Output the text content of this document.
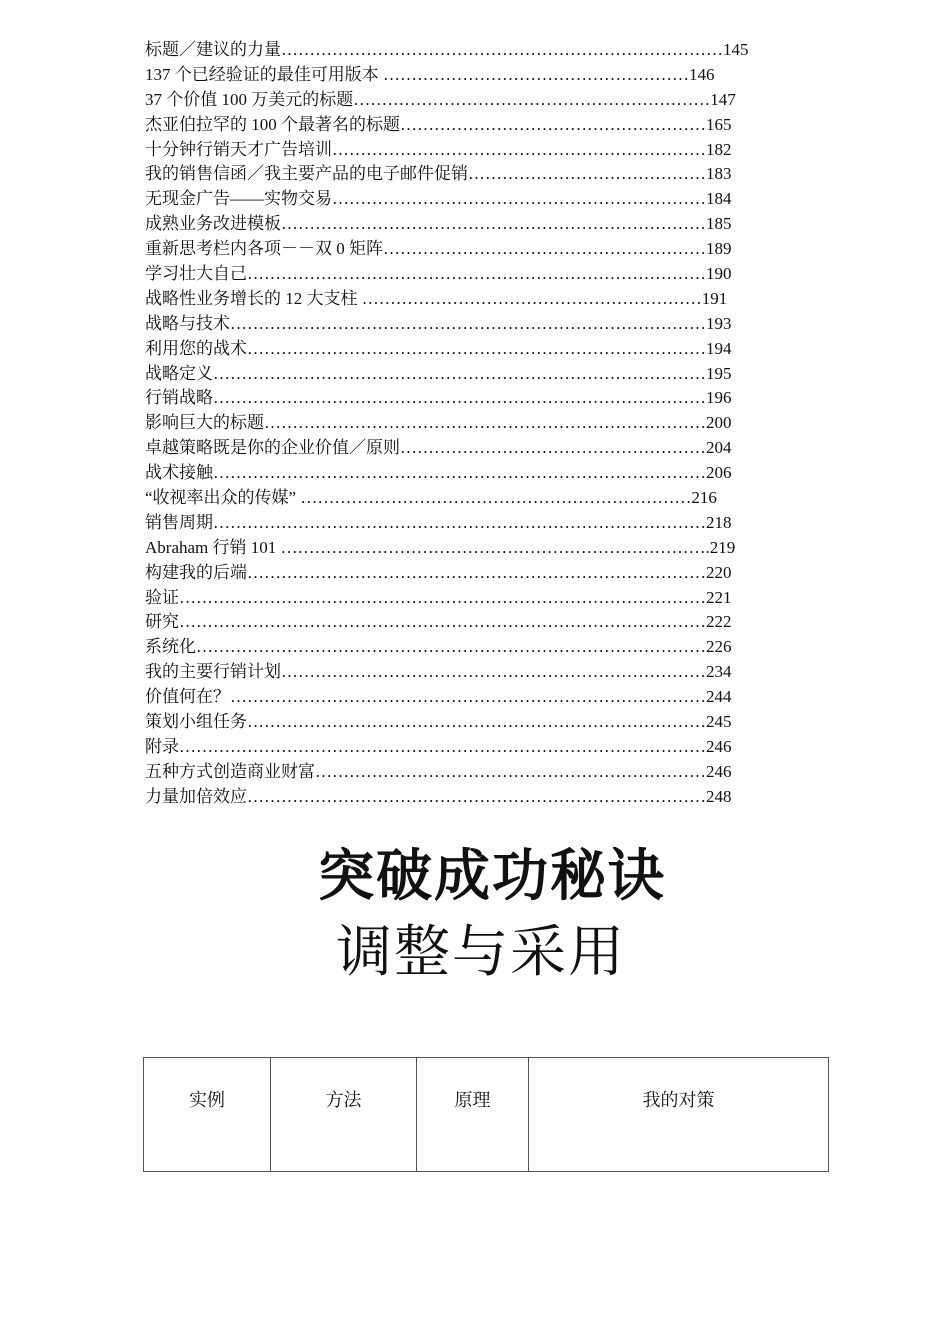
标题／建议的力量……………………………………………………………………145
137 个已经验证的最佳可用版本 ………………………………………………146
37 个价值 100 万美元的标题………………………………………………………147
杰亚伯拉罕的 100 个最著名的标题………………………………………………165
十分钟行销天才广告培训…………………………………………………………182
我的销售信函／我主要产品的电子邮件促销……………………………………183
无现金广告——实物交易…………………………………………………………184
成熟业务改进模板…………………………………………………………………185
重新思考栏内各项－－双 0 矩阵…………………………………………………189
学习壮大自己………………………………………………………………………190
战略性业务增长的 12 大支柱 ……………………………………………………191
战略与技术…………………………………………………………………………193
利用您的战术………………………………………………………………………194
战略定义……………………………………………………………………………195
行销战略……………………………………………………………………………196
影响巨大的标题……………………………………………………………………200
卓越策略既是你的企业价值／原则………………………………………………204
战术接触……………………………………………………………………………206
“收视率出众的传媒” ……………………………………………………………216
销售周期……………………………………………………………………………218
Abraham 行销 101 ………………………………………………………………….219
构建我的后端………………………………………………………………………220
验证…………………………………………………………………………………221
研究…………………………………………………………………………………222
系统化………………………………………………………………………………226
我的主要行销计划…………………………………………………………………234
价值何在？…………………………………………………………………………244
策划小组任务………………………………………………………………………245
附录…………………………………………………………………………………246
五种方式创造商业财富……………………………………………………………246
力量加倍效应………………………………………………………………………248
突破成功秘诀
调整与采用
实例	方法	原理	我的对策
